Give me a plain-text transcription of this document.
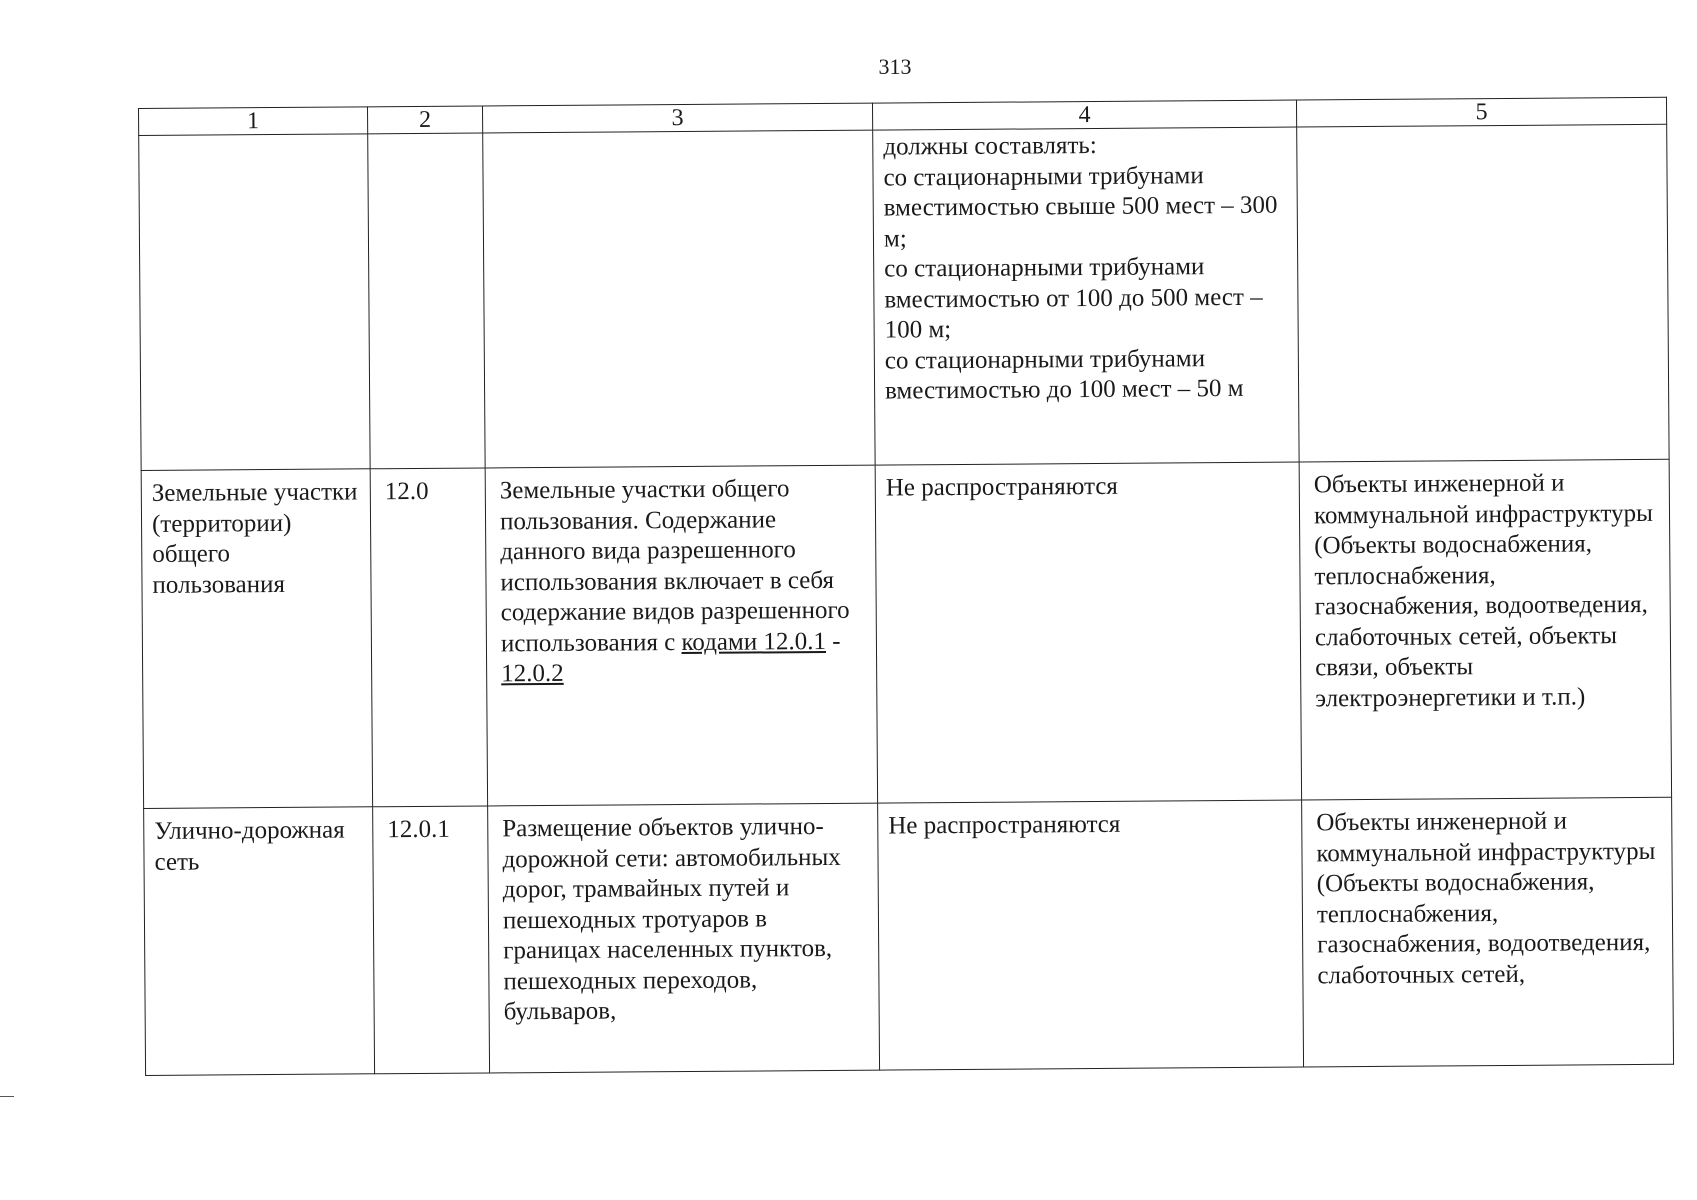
313
1	2	3	4	5
			должны составлять:
со стационарными трибунами вместимостью свыше 500 мест – 300 м;
со стационарными трибунами вместимостью от 100 до 500 мест – 100 м;
со стационарными трибунами вместимостью до 100 мест – 50 м	
Земельные участки (территории) общего пользования	12.0	Земельные участки общего пользования. Содержание данного вида разрешенного использования включает в себя содержание видов разрешенного использования с кодами 12.0.1 - 12.0.2	Не распространяются	Объекты инженерной и коммунальной инфраструктуры (Объекты водоснабжения, теплоснабжения, газоснабжения, водоотведения, слаботочных сетей, объекты связи, объекты электроэнергетики и т.п.)
Улично-дорожная сеть	12.0.1	Размещение объектов улично-дорожной сети: автомобильных дорог, трамвайных путей и пешеходных тротуаров в границах населенных пунктов, пешеходных переходов, бульваров,	Не распространяются	Объекты инженерной и коммунальной инфраструктуры (Объекты водоснабжения, теплоснабжения, газоснабжения, водоотведения, слаботочных сетей,
